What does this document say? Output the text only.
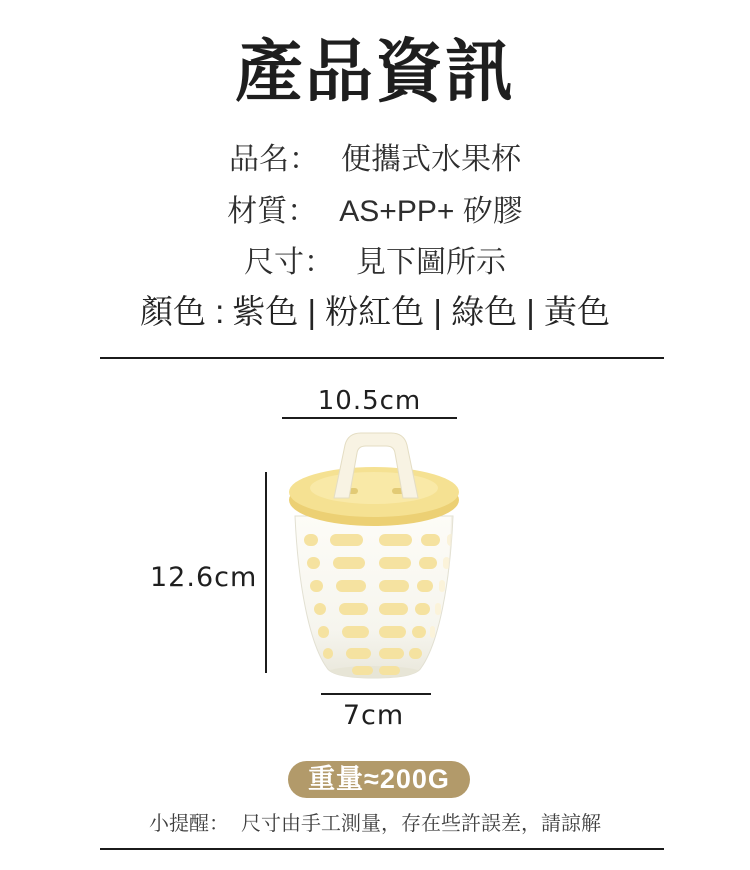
產品資訊
品名： 便攜式水果杯
材質： AS+PP+ 矽膠
尺寸： 見下圖所示
顏色 : 紫色 | 粉紅色 | 綠色 | 黃色
10.5cm
12.6cm
7cm
重量≈200G
小提醒： 尺寸由手工測量，存在些許誤差，請諒解
